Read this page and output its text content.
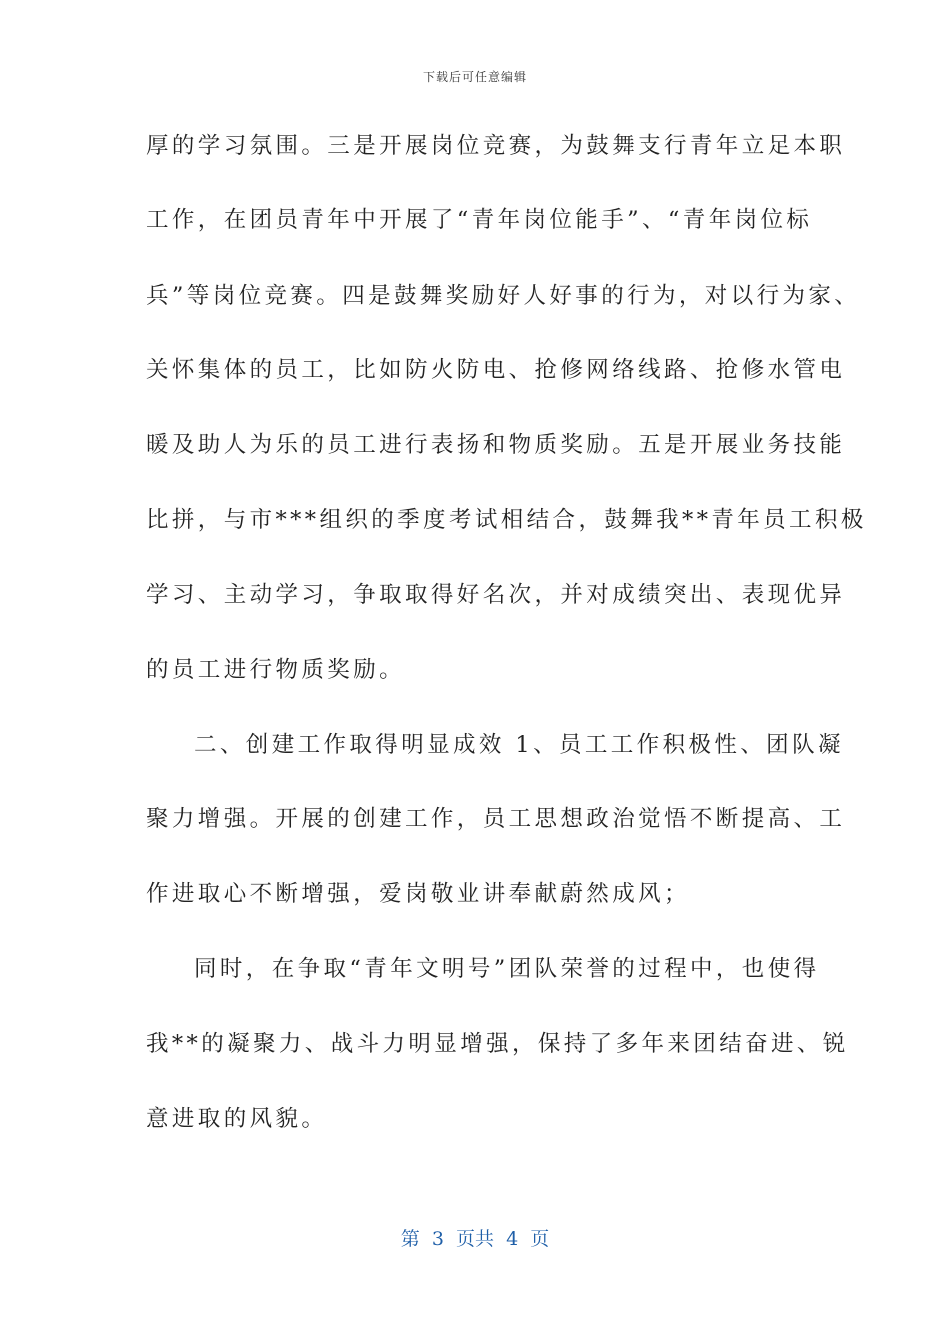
下载后可任意编辑
厚的学习氛围。三是开展岗位竞赛，为鼓舞支行青年立足本职
工作，在团员青年中开展了“青年岗位能手”、“青年岗位标
兵”等岗位竞赛。四是鼓舞奖励好人好事的行为，对以行为家、
关怀集体的员工，比如防火防电、抢修网络线路、抢修水管电
暖及助人为乐的员工进行表扬和物质奖励。五是开展业务技能
比拼，与市***组织的季度考试相结合，鼓舞我**青年员工积极
学习、主动学习，争取取得好名次，并对成绩突出、表现优异
的员工进行物质奖励。
二、创建工作取得明显成效 1、员工工作积极性、团队凝
聚力增强。开展的创建工作，员工思想政治觉悟不断提高、工
作进取心不断增强，爱岗敬业讲奉献蔚然成风；
同时，在争取“青年文明号”团队荣誉的过程中，也使得
我**的凝聚力、战斗力明显增强，保持了多年来团结奋进、锐
意进取的风貌。
第  3  页共  4  页
